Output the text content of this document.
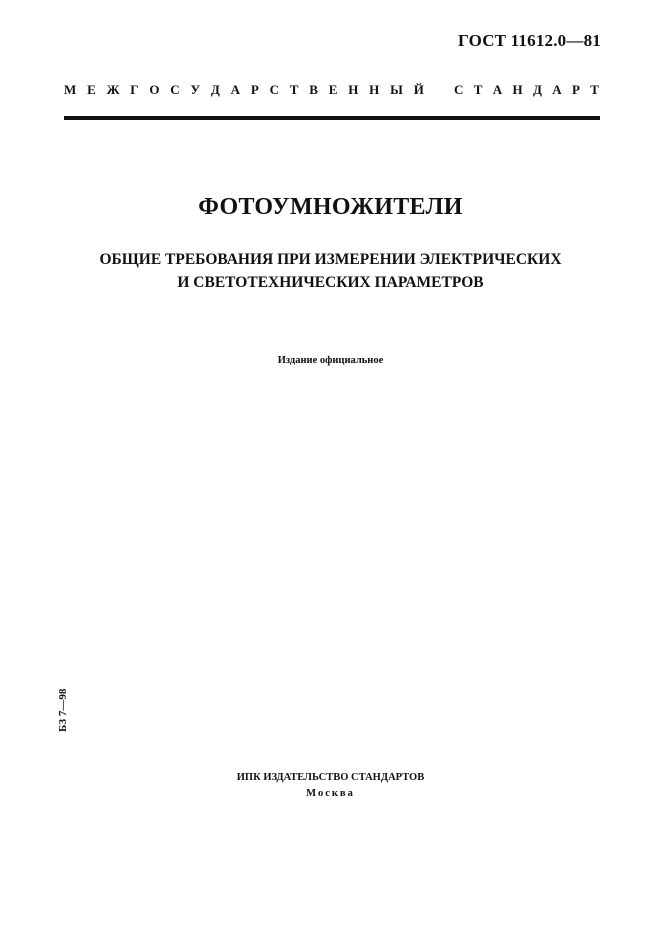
ГОСТ 11612.0—81
М Е Ж Г О С У Д А Р С Т В Е Н Н Ы Й С Т А Н Д А Р Т
ФОТОУМНОЖИТЕЛИ
ОБЩИЕ ТРЕБОВАНИЯ ПРИ ИЗМЕРЕНИИ ЭЛЕКТРИЧЕСКИХ
И СВЕТОТЕХНИЧЕСКИХ ПАРАМЕТРОВ
Издание официальное
БЗ 7—98
ИПК ИЗДАТЕЛЬСТВО СТАНДАРТОВ
Москва
